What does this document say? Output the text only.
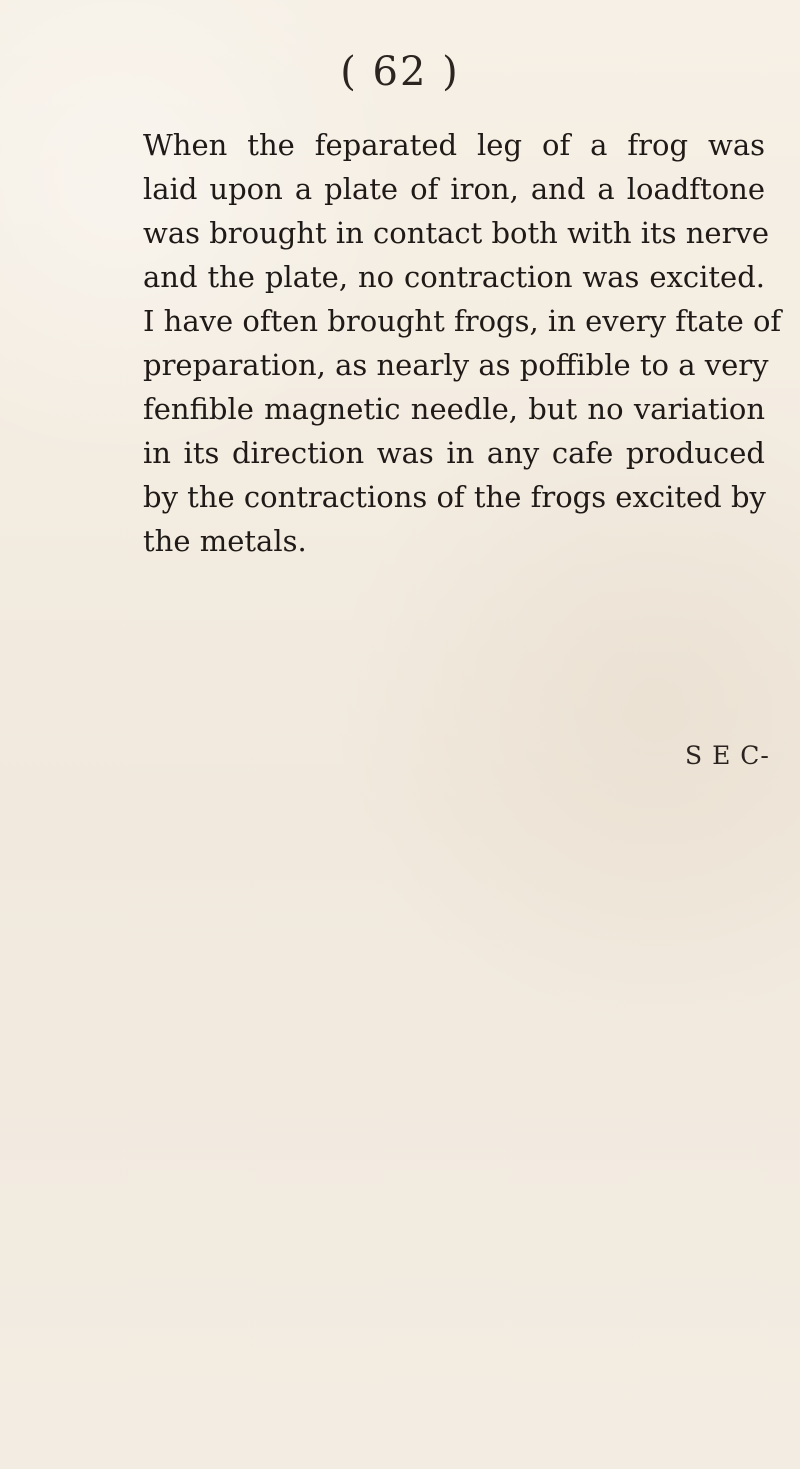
( 62 )
When the feparated leg of a frog was
laid upon a plate of iron, and a loadftone
was brought in contact both with its nerve
and the plate, no contraction was excited.
I have often brought frogs, in every ftate of
preparation, as nearly as poffible to a very
fenfible magnetic needle, but no variation
in its direction was in any cafe produced
by the contractions of the frogs excited by
the metals.
S E C-
